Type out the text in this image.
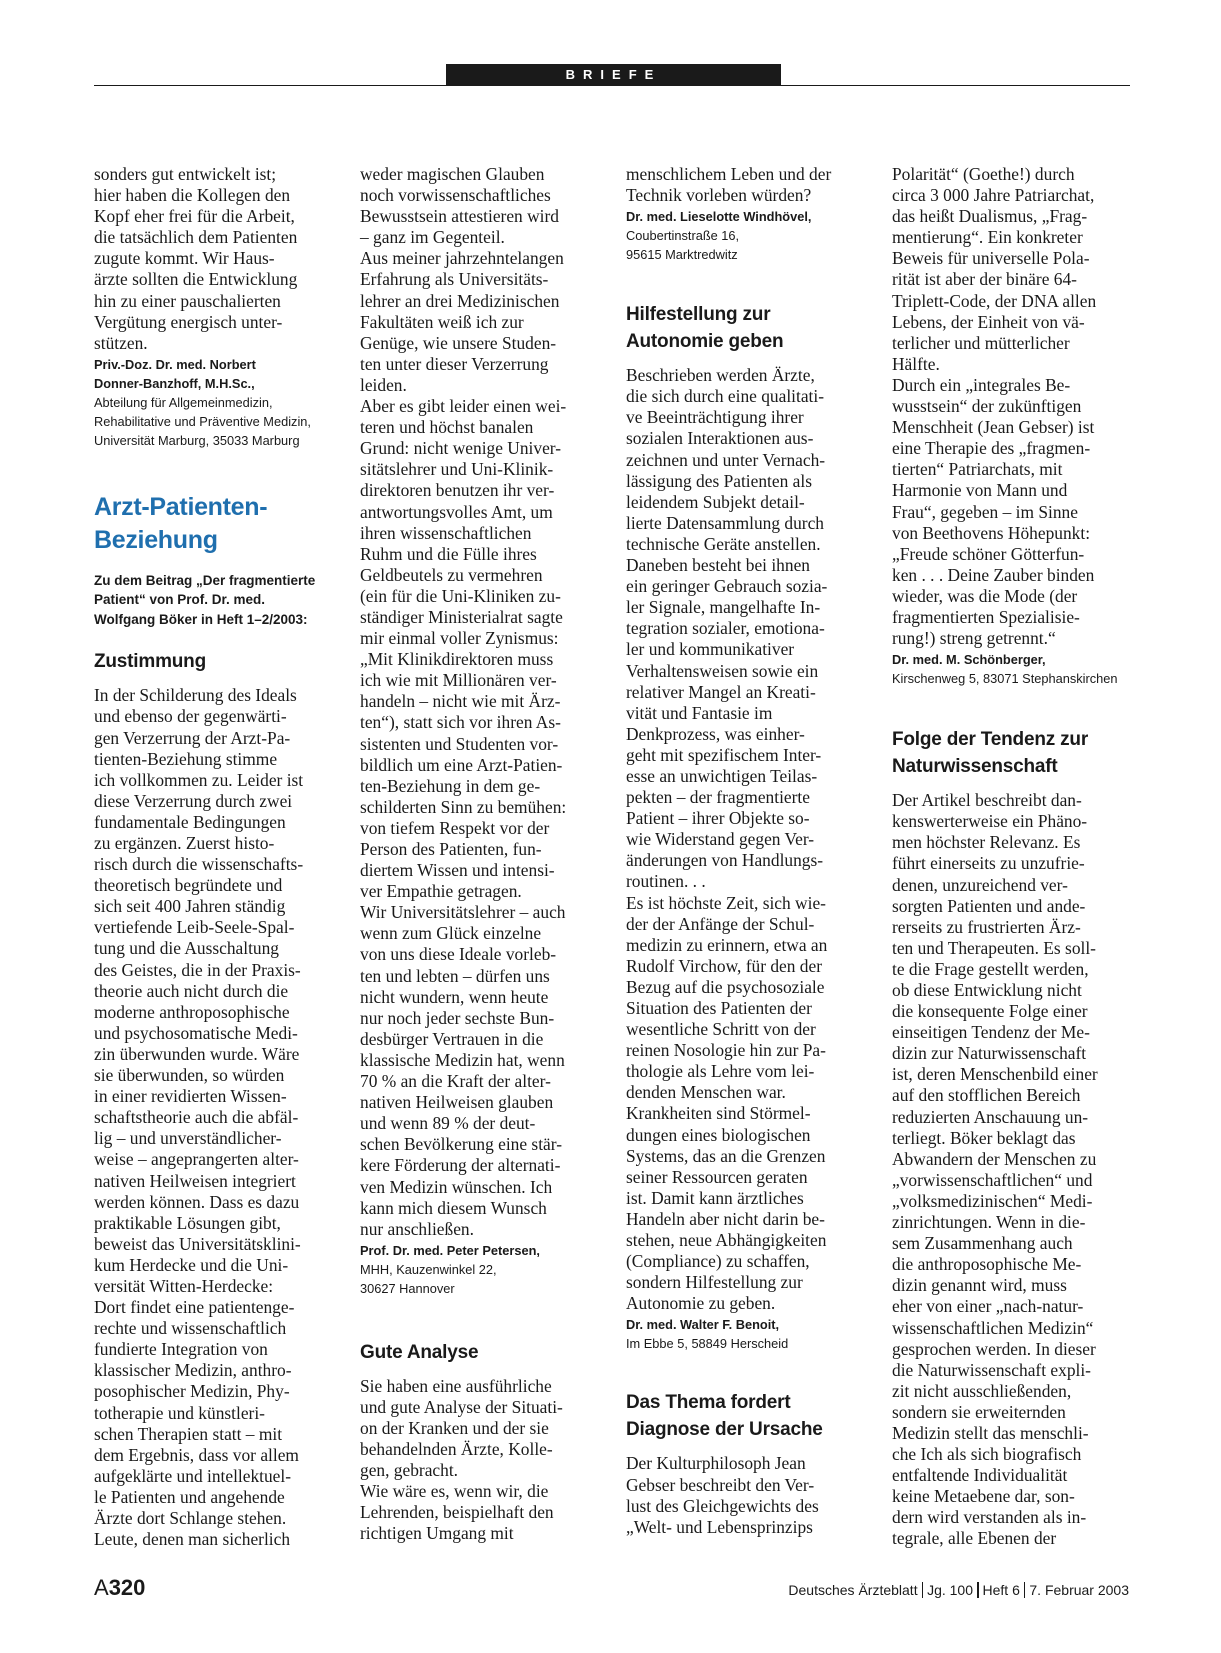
BRIEFE
sonders gut entwickelt ist;
hier haben die Kollegen den
Kopf eher frei für die Arbeit,
die tatsächlich dem Patienten
zugute kommt. Wir Haus-
ärzte sollten die Entwicklung
hin zu einer pauschalierten
Vergütung energisch unter-
stützen.
Priv.-Doz. Dr. med. Norbert
Donner-Banzhoff, M.H.Sc.,
Abteilung für Allgemeinmedizin,
Rehabilitative und Präventive Medizin,
Universität Marburg, 35033 Marburg
Arzt-Patienten-
Beziehung
Zu dem Beitrag „Der fragmentierte
Patient“ von Prof. Dr. med.
Wolfgang Böker in Heft 1–2/2003:
Zustimmung
In der Schilderung des Ideals
und ebenso der gegenwärti-
gen Verzerrung der Arzt-Pa-
tienten-Beziehung stimme
ich vollkommen zu. Leider ist
diese Verzerrung durch zwei
fundamentale Bedingungen
zu ergänzen. Zuerst histo-
risch durch die wissenschafts-
theoretisch begründete und
sich seit 400 Jahren ständig
vertiefende Leib-Seele-Spal-
tung und die Ausschaltung
des Geistes, die in der Praxis-
theorie auch nicht durch die
moderne anthroposophische
und psychosomatische Medi-
zin überwunden wurde. Wäre
sie überwunden, so würden
in einer revidierten Wissen-
schaftstheorie auch die abfäl-
lig – und unverständlicher-
weise – angeprangerten alter-
nativen Heilweisen integriert
werden können. Dass es dazu
praktikable Lösungen gibt,
beweist das Universitätsklini-
kum Herdecke und die Uni-
versität Witten-Herdecke:
Dort findet eine patientenge-
rechte und wissenschaftlich
fundierte Integration von
klassischer Medizin, anthro-
posophischer Medizin, Phy-
totherapie und künstleri-
schen Therapien statt – mit
dem Ergebnis, dass vor allem
aufgeklärte und intellektuel-
le Patienten und angehende
Ärzte dort Schlange stehen.
Leute, denen man sicherlich
weder magischen Glauben
noch vorwissenschaftliches
Bewusstsein attestieren wird
– ganz im Gegenteil.
Aus meiner jahrzehntelangen
Erfahrung als Universitäts-
lehrer an drei Medizinischen
Fakultäten weiß ich zur
Genüge, wie unsere Studen-
ten unter dieser Verzerrung
leiden.
Aber es gibt leider einen wei-
teren und höchst banalen
Grund: nicht wenige Univer-
sitätslehrer und Uni-Klinik-
direktoren benutzen ihr ver-
antwortungsvolles Amt, um
ihren wissenschaftlichen
Ruhm und die Fülle ihres
Geldbeutels zu vermehren
(ein für die Uni-Kliniken zu-
ständiger Ministerialrat sagte
mir einmal voller Zynismus:
„Mit Klinikdirektoren muss
ich wie mit Millionären ver-
handeln – nicht wie mit Ärz-
ten“), statt sich vor ihren As-
sistenten und Studenten vor-
bildlich um eine Arzt-Patien-
ten-Beziehung in dem ge-
schilderten Sinn zu bemühen:
von tiefem Respekt vor der
Person des Patienten, fun-
diertem Wissen und intensi-
ver Empathie getragen.
Wir Universitätslehrer – auch
wenn zum Glück einzelne
von uns diese Ideale vorleb-
ten und lebten – dürfen uns
nicht wundern, wenn heute
nur noch jeder sechste Bun-
desbürger Vertrauen in die
klassische Medizin hat, wenn
70 % an die Kraft der alter-
nativen Heilweisen glauben
und wenn 89 % der deut-
schen Bevölkerung eine stär-
kere Förderung der alternati-
ven Medizin wünschen. Ich
kann mich diesem Wunsch
nur anschließen.
Prof. Dr. med. Peter Petersen,
MHH, Kauzenwinkel 22,
30627 Hannover
Gute Analyse
Sie haben eine ausführliche
und gute Analyse der Situati-
on der Kranken und der sie
behandelnden Ärzte, Kolle-
gen, gebracht.
Wie wäre es, wenn wir, die
Lehrenden, beispielhaft den
richtigen Umgang mit
menschlichem Leben und der
Technik vorleben würden?
Dr. med. Lieselotte Windhövel,
Coubertinstraße 16,
95615 Marktredwitz
Hilfestellung zur
Autonomie geben
Beschrieben werden Ärzte,
die sich durch eine qualitati-
ve Beeinträchtigung ihrer
sozialen Interaktionen aus-
zeichnen und unter Vernach-
lässigung des Patienten als
leidendem Subjekt detail-
lierte Datensammlung durch
technische Geräte anstellen.
Daneben besteht bei ihnen
ein geringer Gebrauch sozia-
ler Signale, mangelhafte In-
tegration sozialer, emotiona-
ler und kommunikativer
Verhaltensweisen sowie ein
relativer Mangel an Kreati-
vität und Fantasie im
Denkprozess, was einher-
geht mit spezifischem Inter-
esse an unwichtigen Teilas-
pekten – der fragmentierte
Patient – ihrer Objekte so-
wie Widerstand gegen Ver-
änderungen von Handlungs-
routinen. . .
Es ist höchste Zeit, sich wie-
der der Anfänge der Schul-
medizin zu erinnern, etwa an
Rudolf Virchow, für den der
Bezug auf die psychosoziale
Situation des Patienten der
wesentliche Schritt von der
reinen Nosologie hin zur Pa-
thologie als Lehre vom lei-
denden Menschen war.
Krankheiten sind Störmel-
dungen eines biologischen
Systems, das an die Grenzen
seiner Ressourcen geraten
ist. Damit kann ärztliches
Handeln aber nicht darin be-
stehen, neue Abhängigkeiten
(Compliance) zu schaffen,
sondern Hilfestellung zur
Autonomie zu geben.
Dr. med. Walter F. Benoit,
Im Ebbe 5, 58849 Herscheid
Das Thema fordert
Diagnose der Ursache
Der Kulturphilosoph Jean
Gebser beschreibt den Ver-
lust des Gleichgewichts des
„Welt- und Lebensprinzips
Polarität“ (Goethe!) durch
circa 3 000 Jahre Patriarchat,
das heißt Dualismus, „Frag-
mentierung“. Ein konkreter
Beweis für universelle Pola-
rität ist aber der binäre 64-
Triplett-Code, der DNA allen
Lebens, der Einheit von vä-
terlicher und mütterlicher
Hälfte.
Durch ein „integrales Be-
wusstsein“ der zukünftigen
Menschheit (Jean Gebser) ist
eine Therapie des „fragmen-
tierten“ Patriarchats, mit
Harmonie von Mann und
Frau“, gegeben – im Sinne
von Beethovens Höhepunkt:
„Freude schöner Götterfun-
ken . . . Deine Zauber binden
wieder, was die Mode (der
fragmentierten Spezialisie-
rung!) streng getrennt.“
Dr. med. M. Schönberger,
Kirschenweg 5, 83071 Stephanskirchen
Folge der Tendenz zur
Naturwissenschaft
Der Artikel beschreibt dan-
kenswerterweise ein Phäno-
men höchster Relevanz. Es
führt einerseits zu unzufrie-
denen, unzureichend ver-
sorgten Patienten und ande-
rerseits zu frustrierten Ärz-
ten und Therapeuten. Es soll-
te die Frage gestellt werden,
ob diese Entwicklung nicht
die konsequente Folge einer
einseitigen Tendenz der Me-
dizin zur Naturwissenschaft
ist, deren Menschenbild einer
auf den stofflichen Bereich
reduzierten Anschauung un-
terliegt. Böker beklagt das
Abwandern der Menschen zu
„vorwissenschaftlichen“ und
„volksmedizinischen“ Medi-
zinrichtungen. Wenn in die-
sem Zusammenhang auch
die anthroposophische Me-
dizin genannt wird, muss
eher von einer „nach-natur-
wissenschaftlichen Medizin“
gesprochen werden. In dieser
die Naturwissenschaft expli-
zit nicht ausschließenden,
sondern sie erweiternden
Medizin stellt das menschli-
che Ich als sich biografisch
entfaltende Individualität
keine Metaebene dar, son-
dern wird verstanden als in-
tegrale, alle Ebenen der
A320	Deutsches Ärzteblatt Jg. 100 Heft 6 7. Februar 2003
